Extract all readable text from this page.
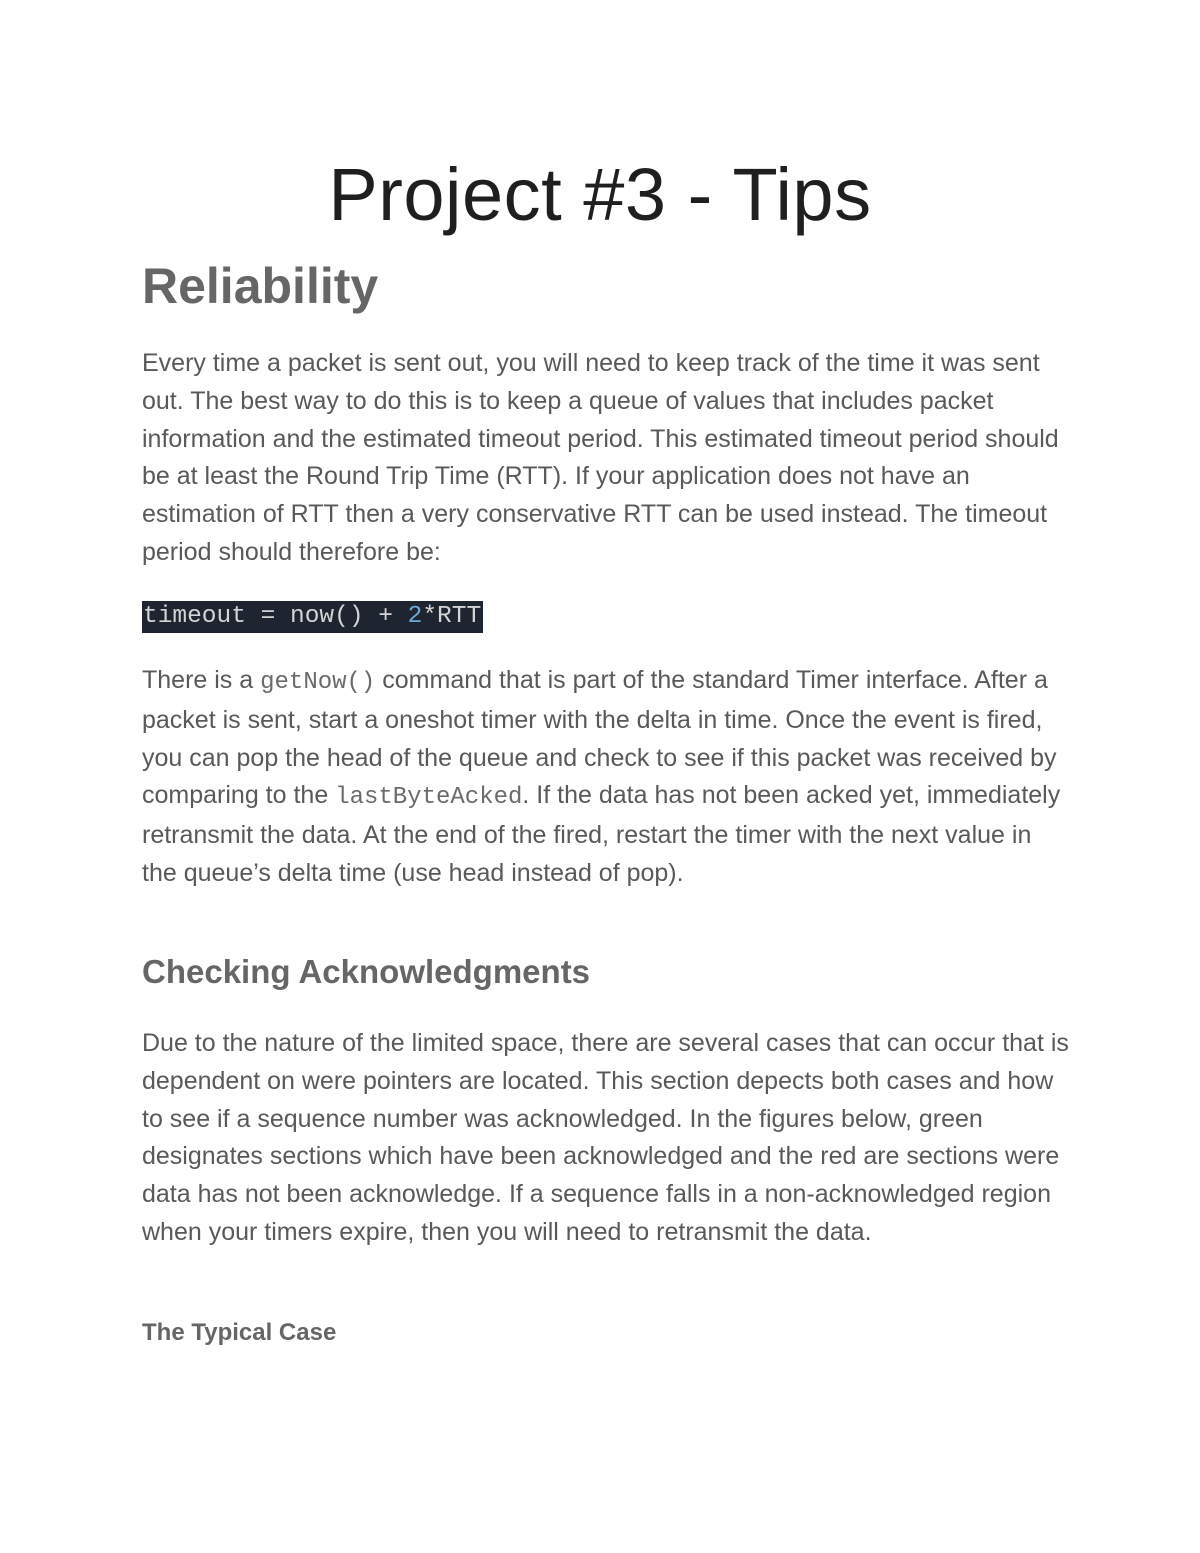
Project #3 - Tips
Reliability

Every time a packet is sent out, you will need to keep track of the time it was sent out. The best way to do this is to keep a queue of values that includes packet information and the estimated timeout period. This estimated timeout period should be at least the Round Trip Time (RTT). If your application does not have an estimation of RTT then a very conservative RTT can be used instead. The timeout period should therefore be:

timeout = now() + 2*RTT

There is a getNow() command that is part of the standard Timer interface. After a packet is sent, start a oneshot timer with the delta in time. Once the event is fired, you can pop the head of the queue and check to see if this packet was received by comparing to the lastByteAcked. If the data has not been acked yet, immediately retransmit the data. At the end of the fired, restart the timer with the next value in the queue’s delta time (use head instead of pop).

Checking Acknowledgments

Due to the nature of the limited space, there are several cases that can occur that is dependent on were pointers are located. This section depects both cases and how to see if a sequence number was acknowledged. In the figures below, green designates sections which have been acknowledged and the red are sections were data has not been acknowledge. If a sequence falls in a non-acknowledged region when your timers expire, then you will need to retransmit the data.

The Typical Case
